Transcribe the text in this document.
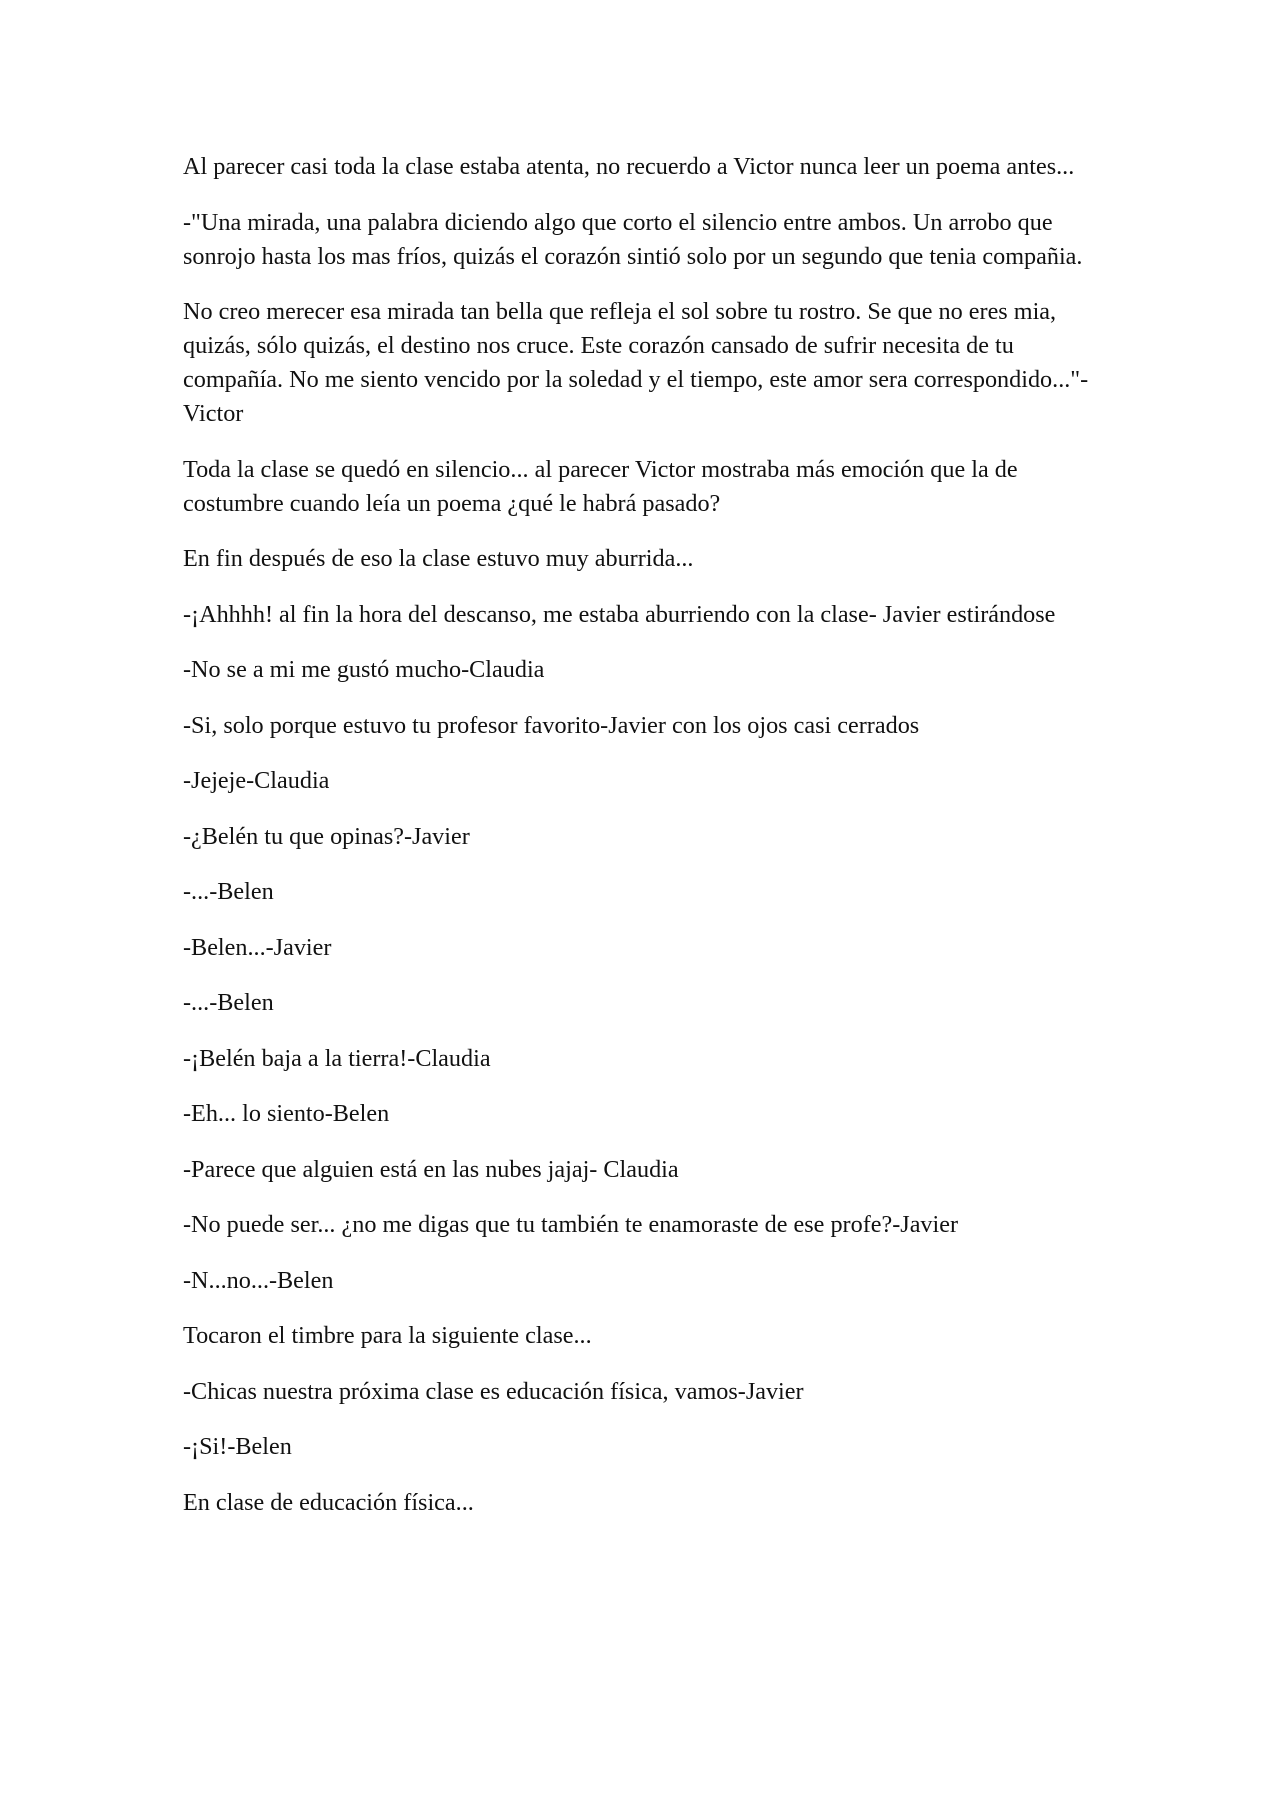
Al parecer casi toda la clase estaba atenta, no recuerdo a Victor nunca leer un poema antes...

-"Una mirada, una palabra diciendo algo que corto el silencio entre ambos. Un arrobo que sonrojo hasta los mas fríos, quizás el corazón sintió solo por un segundo que tenia compañia.

No creo merecer esa mirada tan bella que refleja el sol sobre tu rostro. Se que no eres mia, quizás, sólo quizás, el destino nos cruce. Este corazón cansado de sufrir necesita de tu compañía. No me siento vencido por la soledad y el tiempo, este amor sera correspondido..."-Victor

Toda la clase se quedó en silencio... al parecer Victor mostraba más emoción que la de costumbre cuando leía un poema ¿qué le habrá pasado?

En fin después de eso la clase estuvo muy aburrida...

-¡Ahhhh! al fin la hora del descanso, me estaba aburriendo con la clase- Javier estirándose

-No se a mi me gustó mucho-Claudia

-Si, solo porque estuvo tu profesor favorito-Javier con los ojos casi cerrados

-Jejeje-Claudia

-¿Belén tu que opinas?-Javier

-...-Belen

-Belen...-Javier

-...-Belen

-¡Belén baja a la tierra!-Claudia

-Eh... lo siento-Belen

-Parece que alguien está en las nubes jajaj- Claudia

-No puede ser... ¿no me digas que tu también te enamoraste de ese profe?-Javier

-N...no...-Belen

Tocaron el timbre para la siguiente clase...

-Chicas nuestra próxima clase es educación física, vamos-Javier

-¡Si!-Belen

En clase de educación física...
